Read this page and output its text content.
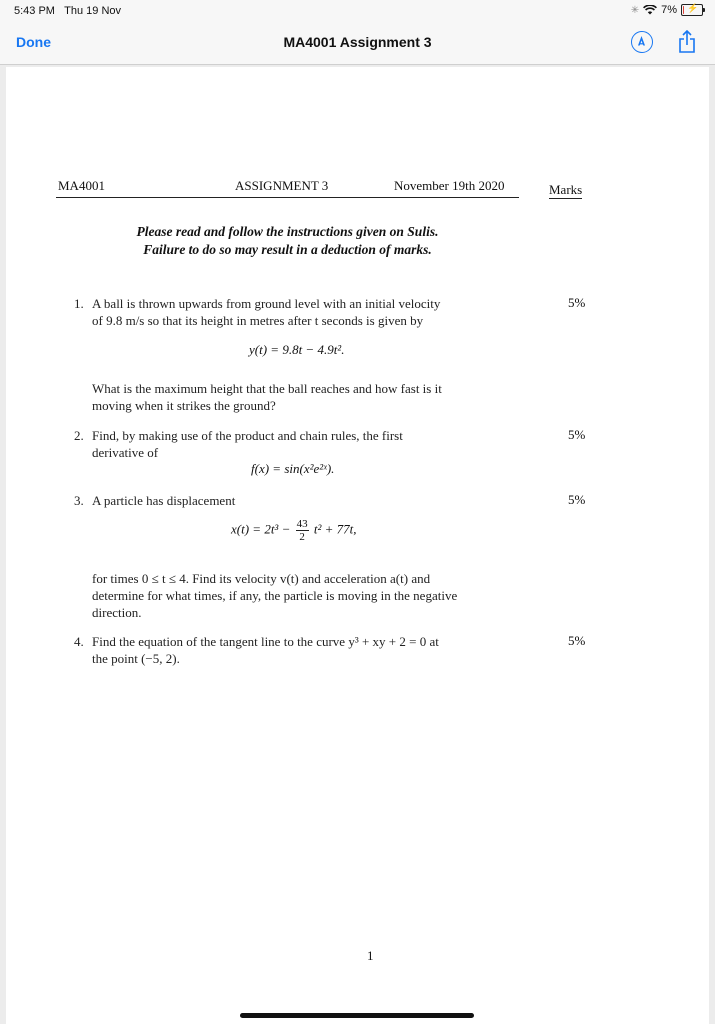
5:43 PM Thu 19 Nov	✳ 7% ⚡
Done	MA4001 Assignment 3
MA4001	ASSIGNMENT 3	November 19th 2020	Marks
Please read and follow the instructions given on Sulis.
Failure to do so may result in a deduction of marks.
1. A ball is thrown upwards from ground level with an initial velocity
of 9.8 m/s so that its height in metres after t seconds is given by
5%
y(t) = 9.8t − 4.9t².
What is the maximum height that the ball reaches and how fast is it
moving when it strikes the ground?
2. Find, by making use of the product and chain rules, the first
derivative of
5%
f(x) = sin(x²e²ˣ).
3. A particle has displacement	5%
$x(t) = 2t^3 - \frac{43}{2} t^2 + 77t$,
for times 0 ≤ t ≤ 4. Find its velocity v(t) and acceleration a(t) and
determine for what times, if any, the particle is moving in the negative
direction.
4. Find the equation of the tangent line to the curve y³ + xy + 2 = 0 at
the point (−5, 2).
5%
1
